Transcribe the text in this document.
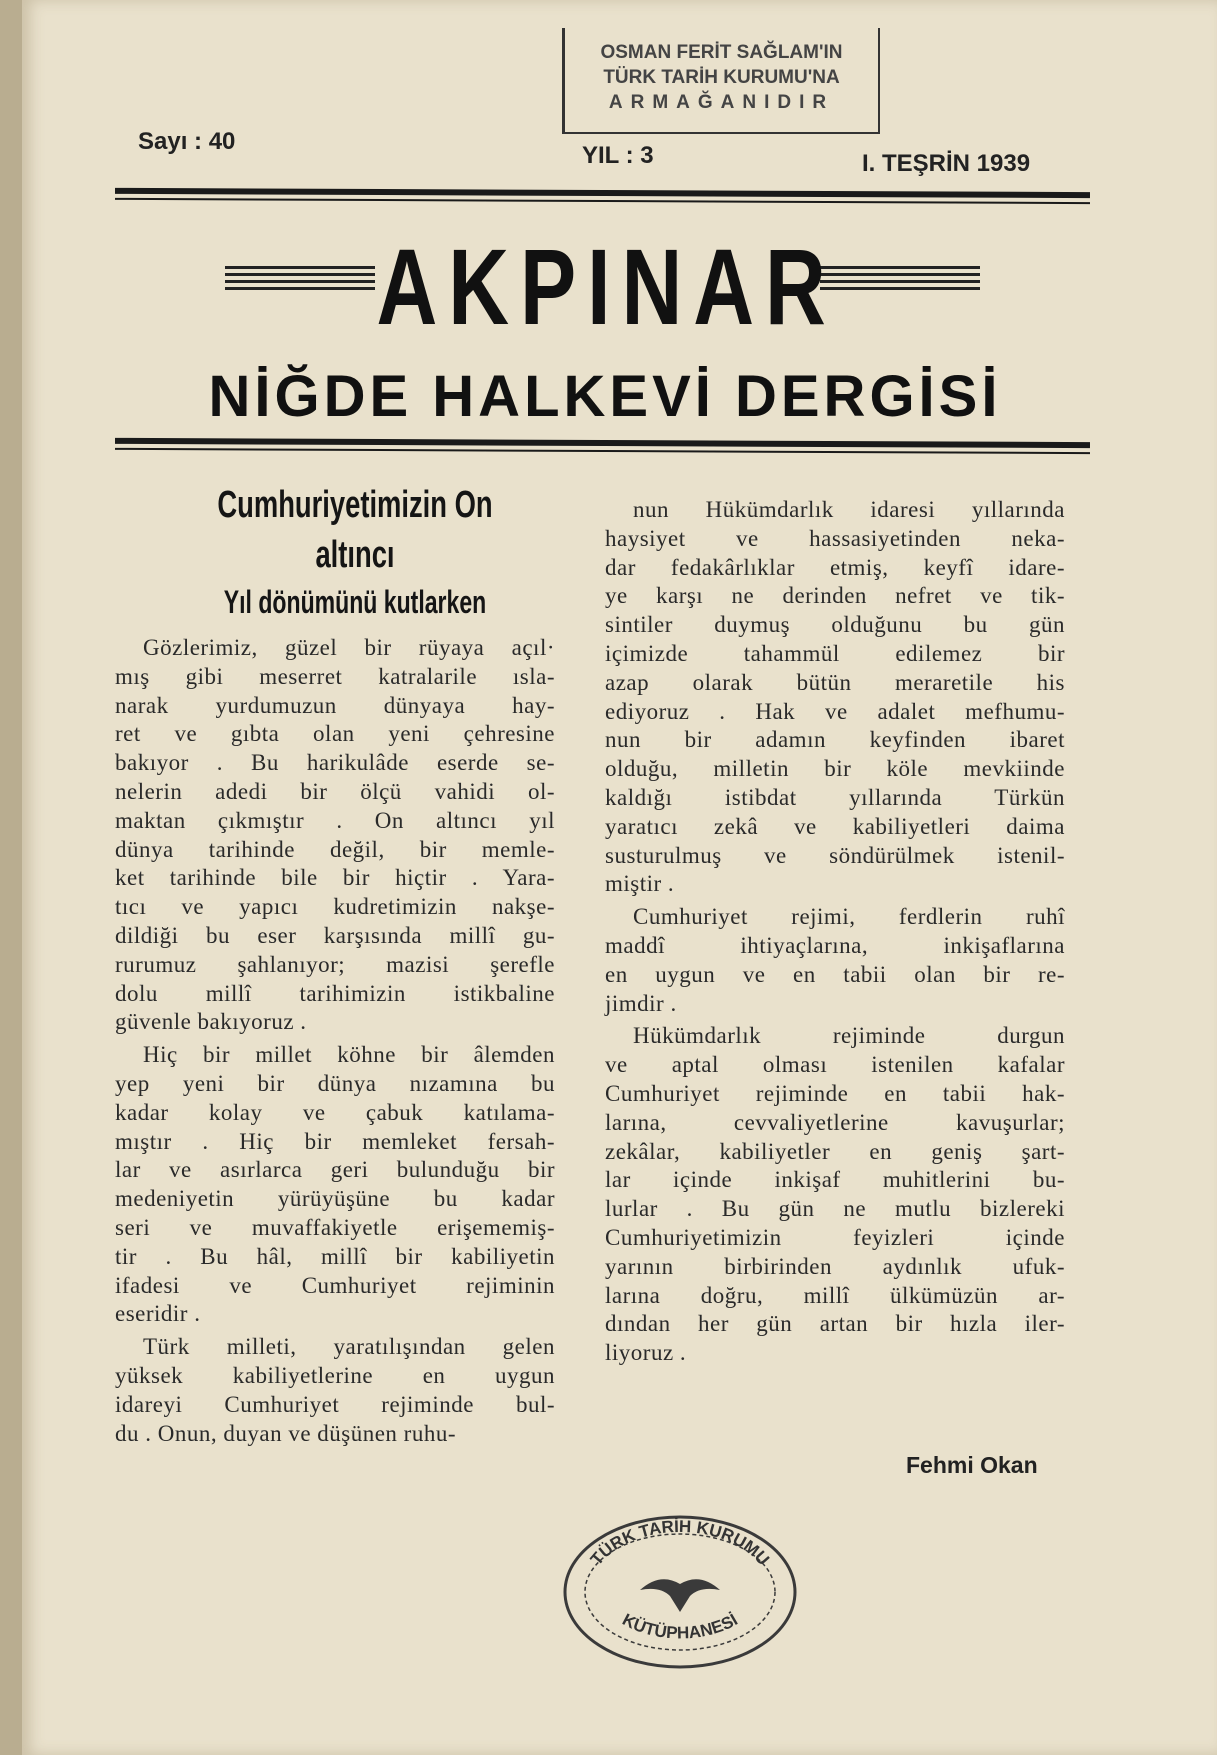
OSMAN FERİT SAĞLAM'IN
TÜRK TARİH KURUMU'NA
ARMAĞANIDIR
Sayı : 40
YIL : 3	I. TEŞRİN 1939
AKPINAR
NİĞDE HALKEVİ DERGİSİ
Cumhuriyetimizin On altıncı
Yıl dönümünü kutlarken

Gözlerimiz, güzel bir rüyaya açıl·
mış gibi meserret katralarile ısla-
narak yurdumuzun dünyaya hay-
ret ve gıbta olan yeni çehresine
bakıyor . Bu harikulâde eserde se-
nelerin adedi bir ölçü vahidi ol-
maktan çıkmıştır . On altıncı yıl
dünya tarihinde değil, bir memle-
ket tarihinde bile bir hiçtir . Yara-
tıcı ve yapıcı kudretimizin nakşe-
dildiği bu eser karşısında millî gu-
rurumuz şahlanıyor; mazisi şerefle
dolu millî tarihimizin istikbaline
güvenle bakıyoruz .

Hiç bir millet köhne bir âlemden
yep yeni bir dünya nızamına bu
kadar kolay ve çabuk katılama-
mıştır . Hiç bir memleket fersah-
lar ve asırlarca geri bulunduğu bir
medeniyetin yürüyüşüne bu kadar
seri ve muvaffakiyetle erişememiş-
tir . Bu hâl, millî bir kabiliyetin
ifadesi ve Cumhuriyet rejiminin
eseridir .

Türk milleti, yaratılışından gelen
yüksek kabiliyetlerine en uygun
idareyi Cumhuriyet rejiminde bul-
du . Onun, duyan ve düşünen ruhu-

nun Hükümdarlık idaresi yıllarında
haysiyet ve hassasiyetinden neka-
dar fedakârlıklar etmiş, keyfî idare-
ye karşı ne derinden nefret ve tik-
sintiler duymuş olduğunu bu gün
içimizde tahammül edilemez bir
azap olarak bütün meraretile his
ediyoruz . Hak ve adalet mefhumu-
nun bir adamın keyfinden ibaret
olduğu, milletin bir köle mevkiinde
kaldığı istibdat yıllarında Türkün
yaratıcı zekâ ve kabiliyetleri daima
susturulmuş ve söndürülmek istenil-
miştir .

Cumhuriyet rejimi, ferdlerin ruhî
maddî ihtiyaçlarına, inkişaflarına
en uygun ve en tabii olan bir re-
jimdir .

Hükümdarlık rejiminde durgun
ve aptal olması istenilen kafalar
Cumhuriyet rejiminde en tabii hak-
larına, cevvaliyetlerine kavuşurlar;
zekâlar, kabiliyetler en geniş şart-
lar içinde inkişaf muhitlerini bu-
lurlar . Bu gün ne mutlu bizlereki
Cumhuriyetimizin feyizleri içinde
yarının birbirinden aydınlık ufuk-
larına doğru, millî ülkümüzün ar-
dından her gün artan bir hızla iler-
liyoruz .

Fehmi Okan
TÜRK TARİH KURUMU
KÜTÜPHANESİ
